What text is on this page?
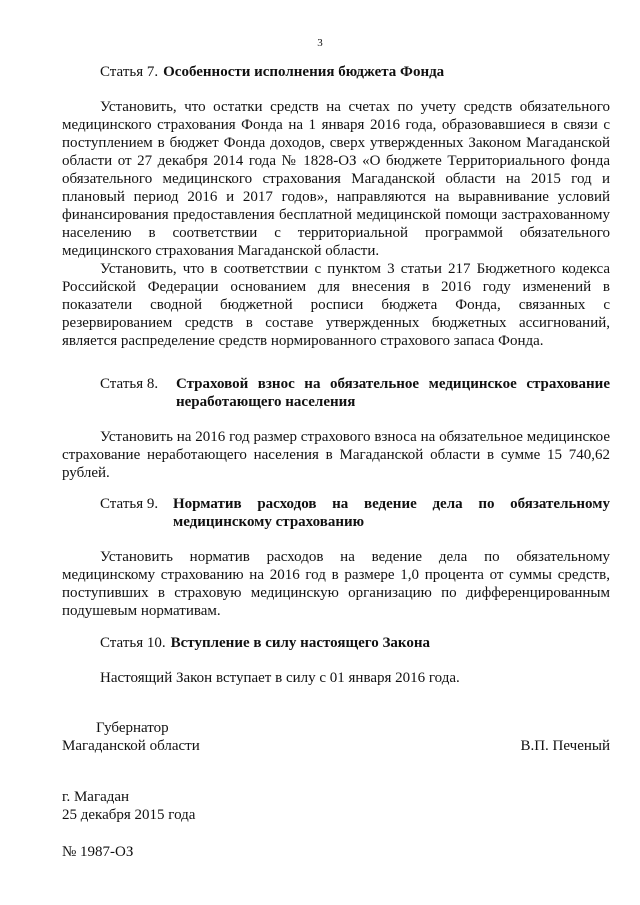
3
Статья 7. Особенности исполнения бюджета Фонда

Установить, что остатки средств на счетах по учету средств обязательного медицинского страхования Фонда на 1 января 2016 года, образовавшиеся в связи с поступлением в бюджет Фонда доходов, сверх утвержденных Законом Магаданской области от 27 декабря 2014 года № 1828-ОЗ «О бюджете Территориального фонда обязательного медицинского страхования Магаданской области на 2015 год и плановый период 2016 и 2017 годов», направляются на выравнивание условий финансирования предоставления бесплатной медицинской помощи застрахованному населению в соответствии с территориальной программой обязательного медицинского страхования Магаданской области.

Установить, что в соответствии с пунктом 3 статьи 217 Бюджетного кодекса Российской Федерации основанием для внесения в 2016 году изменений в показатели сводной бюджетной росписи бюджета Фонда, связанных с резервированием средств в составе утвержденных бюджетных ассигнований, является распределение средств нормированного страхового запаса Фонда.

Статья 8.	Страховой взнос на обязательное медицинское страхование неработающего населения

Установить на 2016 год размер страхового взноса на обязательное медицинское страхование неработающего населения в Магаданской области в сумме 15 740,62 рублей.

Статья 9. Норматив расходов на ведение дела по обязательному медицинскому страхованию

Установить норматив расходов на ведение дела по обязательному медицинскому страхованию на 2016 год в размере 1,0 процента от суммы средств, поступивших в страховую медицинскую организацию по дифференцированным подушевым нормативам.

Статья 10. Вступление в силу настоящего Закона

Настоящий Закон вступает в силу с 01 января 2016 года.

Губернатор
Магаданской области	В.П. Печеный
г. Магадан
25 декабря 2015 года
№ 1987-ОЗ
